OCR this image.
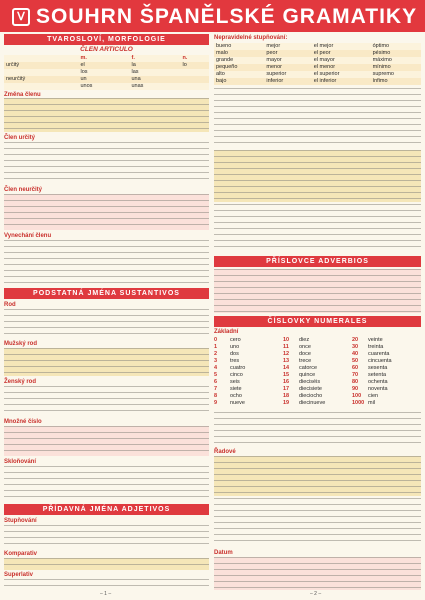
ᐯ SOUHRN ŠPANĚLSKÉ GRAMATIKY
TVAROSLOVÍ, MORFOLOGIE
ČLEN ARTICULO
	m.	f.	n.
určitý	el	la	lo
	los	las	
neurčitý	un	una	
	unos	unas	
Změna členu
Člen určitý
Člen neurčitý
Vynechání členu
PODSTATNÁ JMÉNA SUSTANTIVOS
Rod
Mužský rod
Ženský rod
Množné číslo
Skloňování
PŘÍDAVNÁ JMÉNA ADJETIVOS
Stupňování
Komparativ
Superlativ
Nepravidelné stupňování:
bueno	mejor	el mejor	óptimo
malo	peor	el peor	pésimo
grande	mayor	el mayor	máximo
pequeño	menor	el menor	mínimo
alto	superior	el superior	supremo
bajo	inferior	el inferior	ínfimo
PŘÍSLOVCE ADVERBIOS
ČÍSLOVKY NUMERALES
Základní
0 cero
1 uno
2 dos
3 tres
4 cuatro
5 cinco
6 seis
7 siete
8 ocho
9 nueve
10 diez
11 once
12 doce
13 trece
14 catorce
15 quince
16 dieciséis
17 diecisiete
18 dieciocho
19 diecinueve
20 veinte
30 treinta
40 cuarenta
50 cincuenta
60 sesenta
70 setenta
80 ochenta
90 noventa
100 cien
1000 mil
Řadové
Datum
– 1 –	– 2 –
